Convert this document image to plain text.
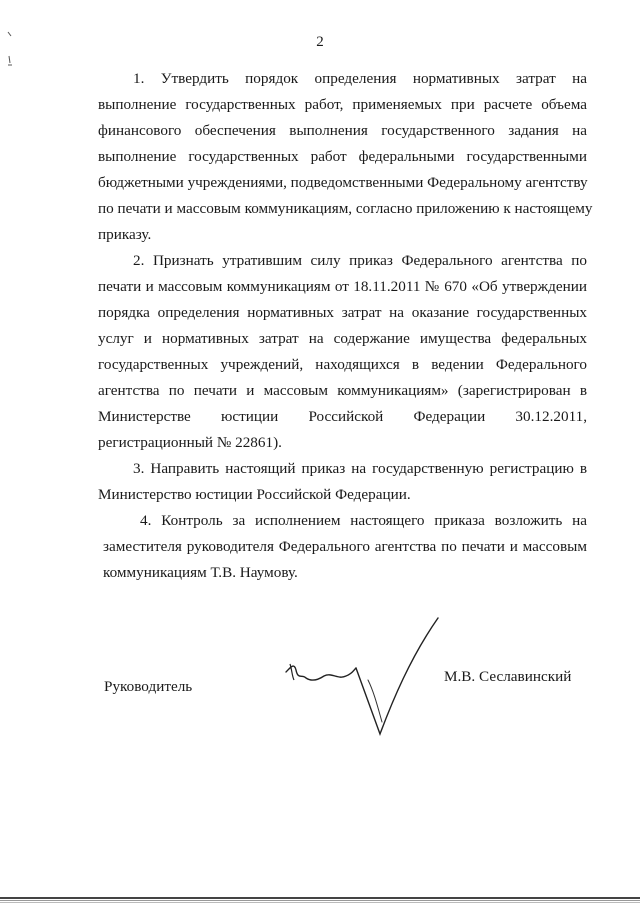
2
1. Утвердить порядок определения нормативных затрат на
выполнение государственных работ, применяемых при расчете объема
финансового обеспечения выполнения государственного задания на
выполнение государственных работ федеральными государственными
бюджетными учреждениями, подведомственными Федеральному агентству
по печати и массовым коммуникациям, согласно приложению к настоящему
приказу.
2. Признать утратившим силу приказ Федерального агентства по
печати и массовым коммуникациям от 18.11.2011 № 670 «Об утверждении
порядка определения нормативных затрат на оказание государственных
услуг и нормативных затрат на содержание имущества федеральных
государственных учреждений, находящихся в ведении Федерального
агентства по печати и массовым коммуникациям» (зарегистрирован в
Министерстве юстиции Российской Федерации 30.12.2011,
регистрационный № 22861).
3. Направить настоящий приказ на государственную регистрацию в
Министерство юстиции Российской Федерации.
4. Контроль за исполнением настоящего приказа возложить на
заместителя руководителя Федерального агентства по печати и массовым
коммуникациям Т.В. Наумову.
Руководитель
М.В. Сеславинский
